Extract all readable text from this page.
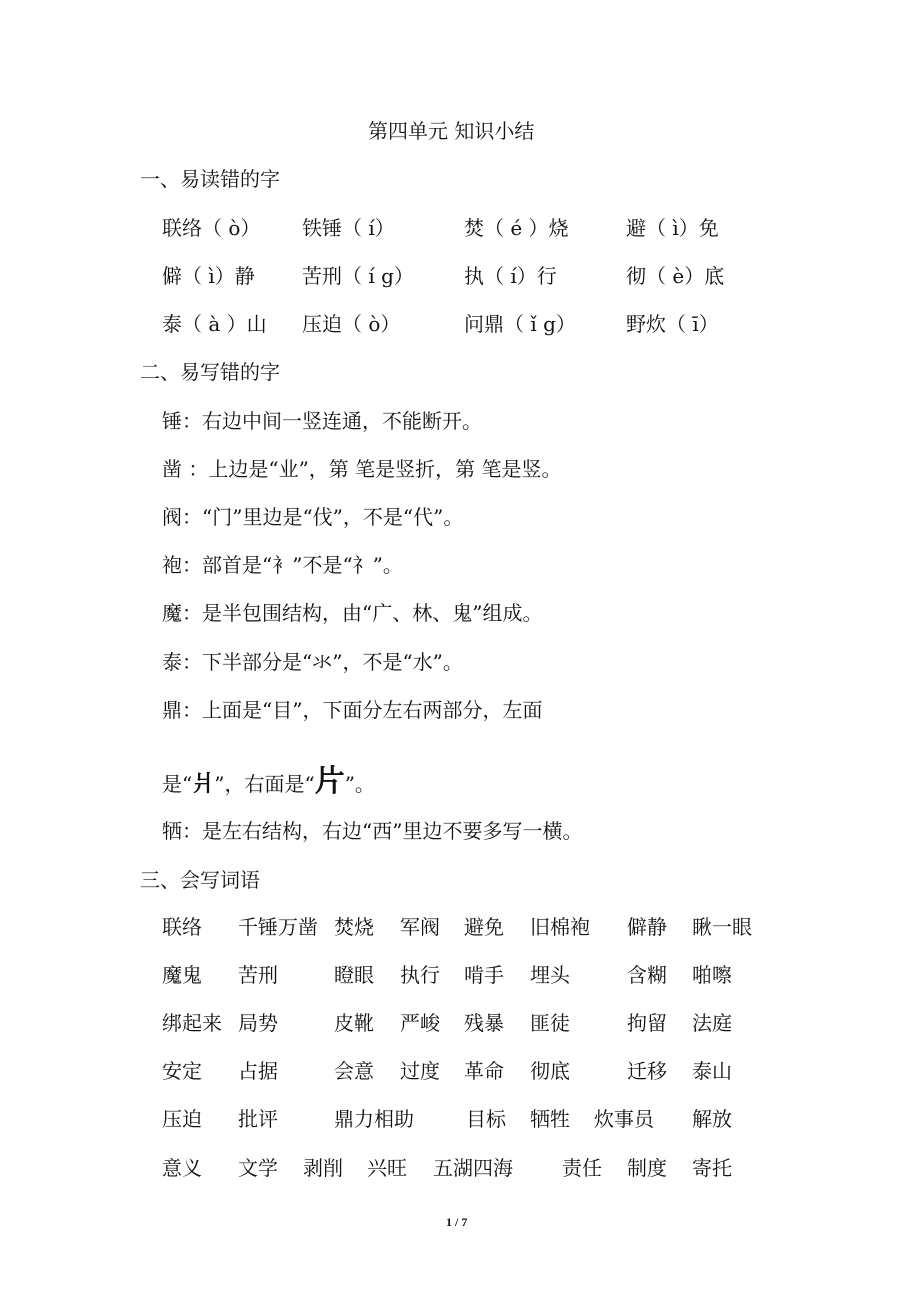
第四单元 知识小结
一、易读错的字
联络（ ò） 铁锤（ í）	焚（ é ）烧	避（ ì）免
僻（ ì）静 苦刑（ í g）	执（ í）行	彻（ è）底
泰（ à ）山 压迫（ ò）	问鼎（ ǐ g）	野炊（ ī）
二、易写错的字
锤：右边中间一竖连通，不能断开。
凿 ：上边是“业”，第 笔是竖折，第 笔是竖。
阀：“门”里边是“伐”，不是“代”。
袍：部首是“衤”不是“礻”。
魔：是半包围结构，由“广、林、鬼”组成。
泰：下半部分是“氺”，不是“水”。
鼎：上面是“目”，下面分左右两部分，左面
是“爿”，右面是“片”。
牺：是左右结构，右边“西”里边不要多写一横。
三、会写词语
联络 千锤万凿 焚烧 军阀 避免 旧棉袍 僻静 瞅一眼
魔鬼 苦刑	瞪眼 执行 啃手 埋头	含糊 啪嚓
绑起来 局势	皮靴 严峻 残暴 匪徒	拘留 法庭
安定 占据	会意 过度 革命 彻底	迁移 泰山
压迫 批评	鼎力相助	目标 牺牲 炊事员 解放
意义 文学 剥削 兴旺 五湖四海 责任 制度 寄托
1 / 7
